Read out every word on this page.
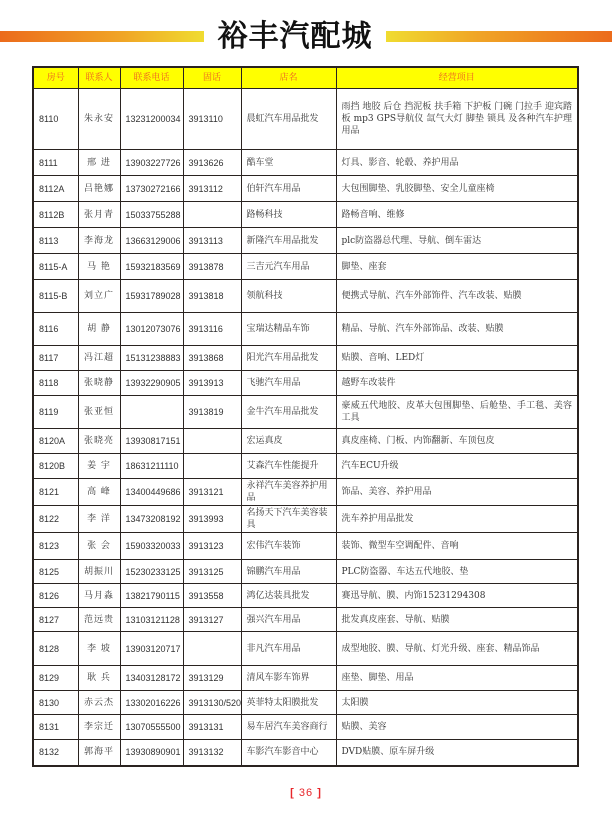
裕丰汽配城
房号	联系人	联系电话	固话	店名	经营项目
8110	朱永安	13231200034	3913110	晨虹汽车用品批发	雨挡 地胶 后仓 挡泥板 扶手箱 下护板 门碗 门拉手 迎宾踏板 mp3 GPS导航仪 氙气大灯 脚垫 锁具 及各种汽车护理用品
8111	邢 进	13903227726	3913626	酷车堂	灯具、影音、轮毂、养护用品
8112A	吕艳娜	13730272166	3913112	伯轩汽车用品	大包围脚垫、乳胶脚垫、安全儿童座椅
8112B	张月青	15033755288		路畅科技	路畅音响、维修
8113	李海龙	13663129006	3913113	新隆汽车用品批发	plc防盗器总代理、导航、倒车雷达
8115-A	马 艳	15932183569	3913878	三吉元汽车用品	脚垫、座套
8115-B	刘立广	15931789028	3913818	领航科技	便携式导航、汽车外部饰件、汽车改装、贴膜
8116	胡 静	13012073076	3913116	宝瑞达精品车饰	精品、导航、汽车外部饰品、改装、贴膜
8117	冯江超	15131238883	3913868	阳光汽车用品批发	贴膜、音响、LED灯
8118	张晓静	13932290905	3913913	飞驰汽车用品	越野车改装件
8119	张亚恒		3913819	金牛汽车用品批发	豪威五代地胶、皮革大包围脚垫、后舱垫、手工毯、美容工具
8120A	张晓亮	13930817151		宏运真皮	真皮座椅、门板、内饰翻新、车顶包皮
8120B	姜 宇	18631211110		艾森汽车性能提升	汽车ECU升级
8121	高 峰	13400449686	3913121	永祥汽车美容养护用品	饰品、美容、养护用品
8122	李 洋	13473208192	3913993	名扬天下汽车美容装具	洗车养护用品批发
8123	张 会	15903320033	3913123	宏伟汽车装饰	装饰、微型车空调配件、音响
8125	胡振川	15230233125	3913125	锦鹏汽车用品	PLC防盗器、车达五代地胶、垫
8126	马月淼	13821790115	3913558	鸿亿达装具批发	赛迅导航、膜、内饰15231294308
8127	范远贵	13103121128	3913127	强兴汽车用品	批发真皮座套、导航、贴膜
8128	李 坡	13903120717		非凡汽车用品	成型地胶、膜、导航、灯光升级、座套、精品饰品
8129	耿 兵	13403128172	3913129	清风车影车饰界	座垫、脚垫、用品
8130	赤云杰	13302016226	3913130/520	英菲特太阳膜批发	太阳膜
8131	李宗迁	13070555500	3913131	易车居汽车美容商行	贴膜、美容
8132	郭海平	13930890901	3913132	车影汽车影音中心	DVD贴膜、原车屏升级
[ 36 ]
